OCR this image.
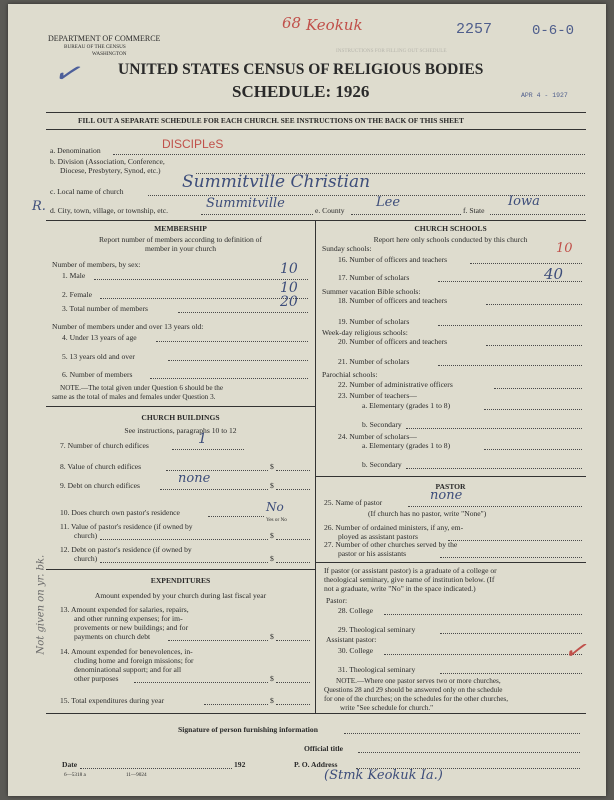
68 Keokuk	2257	0-6-0
APR 4 - 1927
✓
DEPARTMENT OF COMMERCE
BUREAU OF THE CENSUS
WASHINGTON	INSTRUCTIONS FOR FILLING OUT SCHEDULE
UNITED STATES CENSUS OF RELIGIOUS BODIES
SCHEDULE: 1926
FILL OUT A SEPARATE SCHEDULE FOR EACH CHURCH. SEE INSTRUCTIONS ON THE BACK OF THIS SHEET
a. Denomination	DISCIPLeS
b. Division (Association, Conference,
Diocese, Presbytery, Synod, etc.)
c. Local name of church	Summitville Christian
R. d. City, town, village, or township, etc.	Summitville	e. County
Lee
f. State
Iowa
MEMBERSHIP
Report number of members according to definition of
member in your church
Number of members, by sex:
1. Male	10
2. Female	10
3. Total number of members	20
Number of members under and over 13 years old:
4. Under 13 years of age
5. 13 years old and over
6. Number of members
NOTE.—The total given under Question 6 should be the
same as the total of males and females under Question 3.
CHURCH BUILDINGS
See instructions, paragraphs 10 to 12
7. Number of church edifices	1
8. Value of church edifices	$
9. Debt on church edifices	none	$
10. Does church own pastor's residence	No
Yes or No
11. Value of pastor's residence (if owned by
church)	$
12. Debt on pastor's residence (if owned by
church)	$
EXPENDITURES
Amount expended by your church during last fiscal year
13. Amount expended for salaries, repairs,
and other running expenses; for im-
provements or new buildings; and for
payments on church debt	$
14. Amount expended for benevolences, in-
cluding home and foreign missions; for
denominational support; and for all
other purposes	$
15. Total expenditures during year	$
Not given on yr. bk.
CHURCH SCHOOLS
Report here only schools conducted by this church
Sunday schools:
16. Number of officers and teachers
10
17. Number of scholars	40
Summer vacation Bible schools:
18. Number of officers and teachers
19. Number of scholars
Week-day religious schools:
20. Number of officers and teachers
21. Number of scholars
Parochial schools:
22. Number of administrative officers
23. Number of teachers—
a. Elementary (grades 1 to 8)
b. Secondary
24. Number of scholars—
a. Elementary (grades 1 to 8)
b. Secondary
PASTOR
25. Name of pastor	none
(If church has no pastor, write "None")
26. Number of ordained ministers, if any, em-
ployed as assistant pastors
27. Number of other churches served by the
pastor or his assistants
If pastor (or assistant pastor) is a graduate of a college or
theological seminary, give name of institution below. (If
not a graduate, write "No" in the space indicated.)
Pastor:
28. College
29. Theological seminary
Assistant pastor:
30. College
31. Theological seminary
NOTE.—Where one pastor serves two or more churches,
Questions 28 and 29 should be answered only on the schedule
for one of the churches; on the schedules for the other churches,
write "See schedule for church."
✓
Signature of person furnishing information
Official title
Date	192	P. O. Address
6—5318 a	11—9024	(Stmk Keokuk Ia.)
